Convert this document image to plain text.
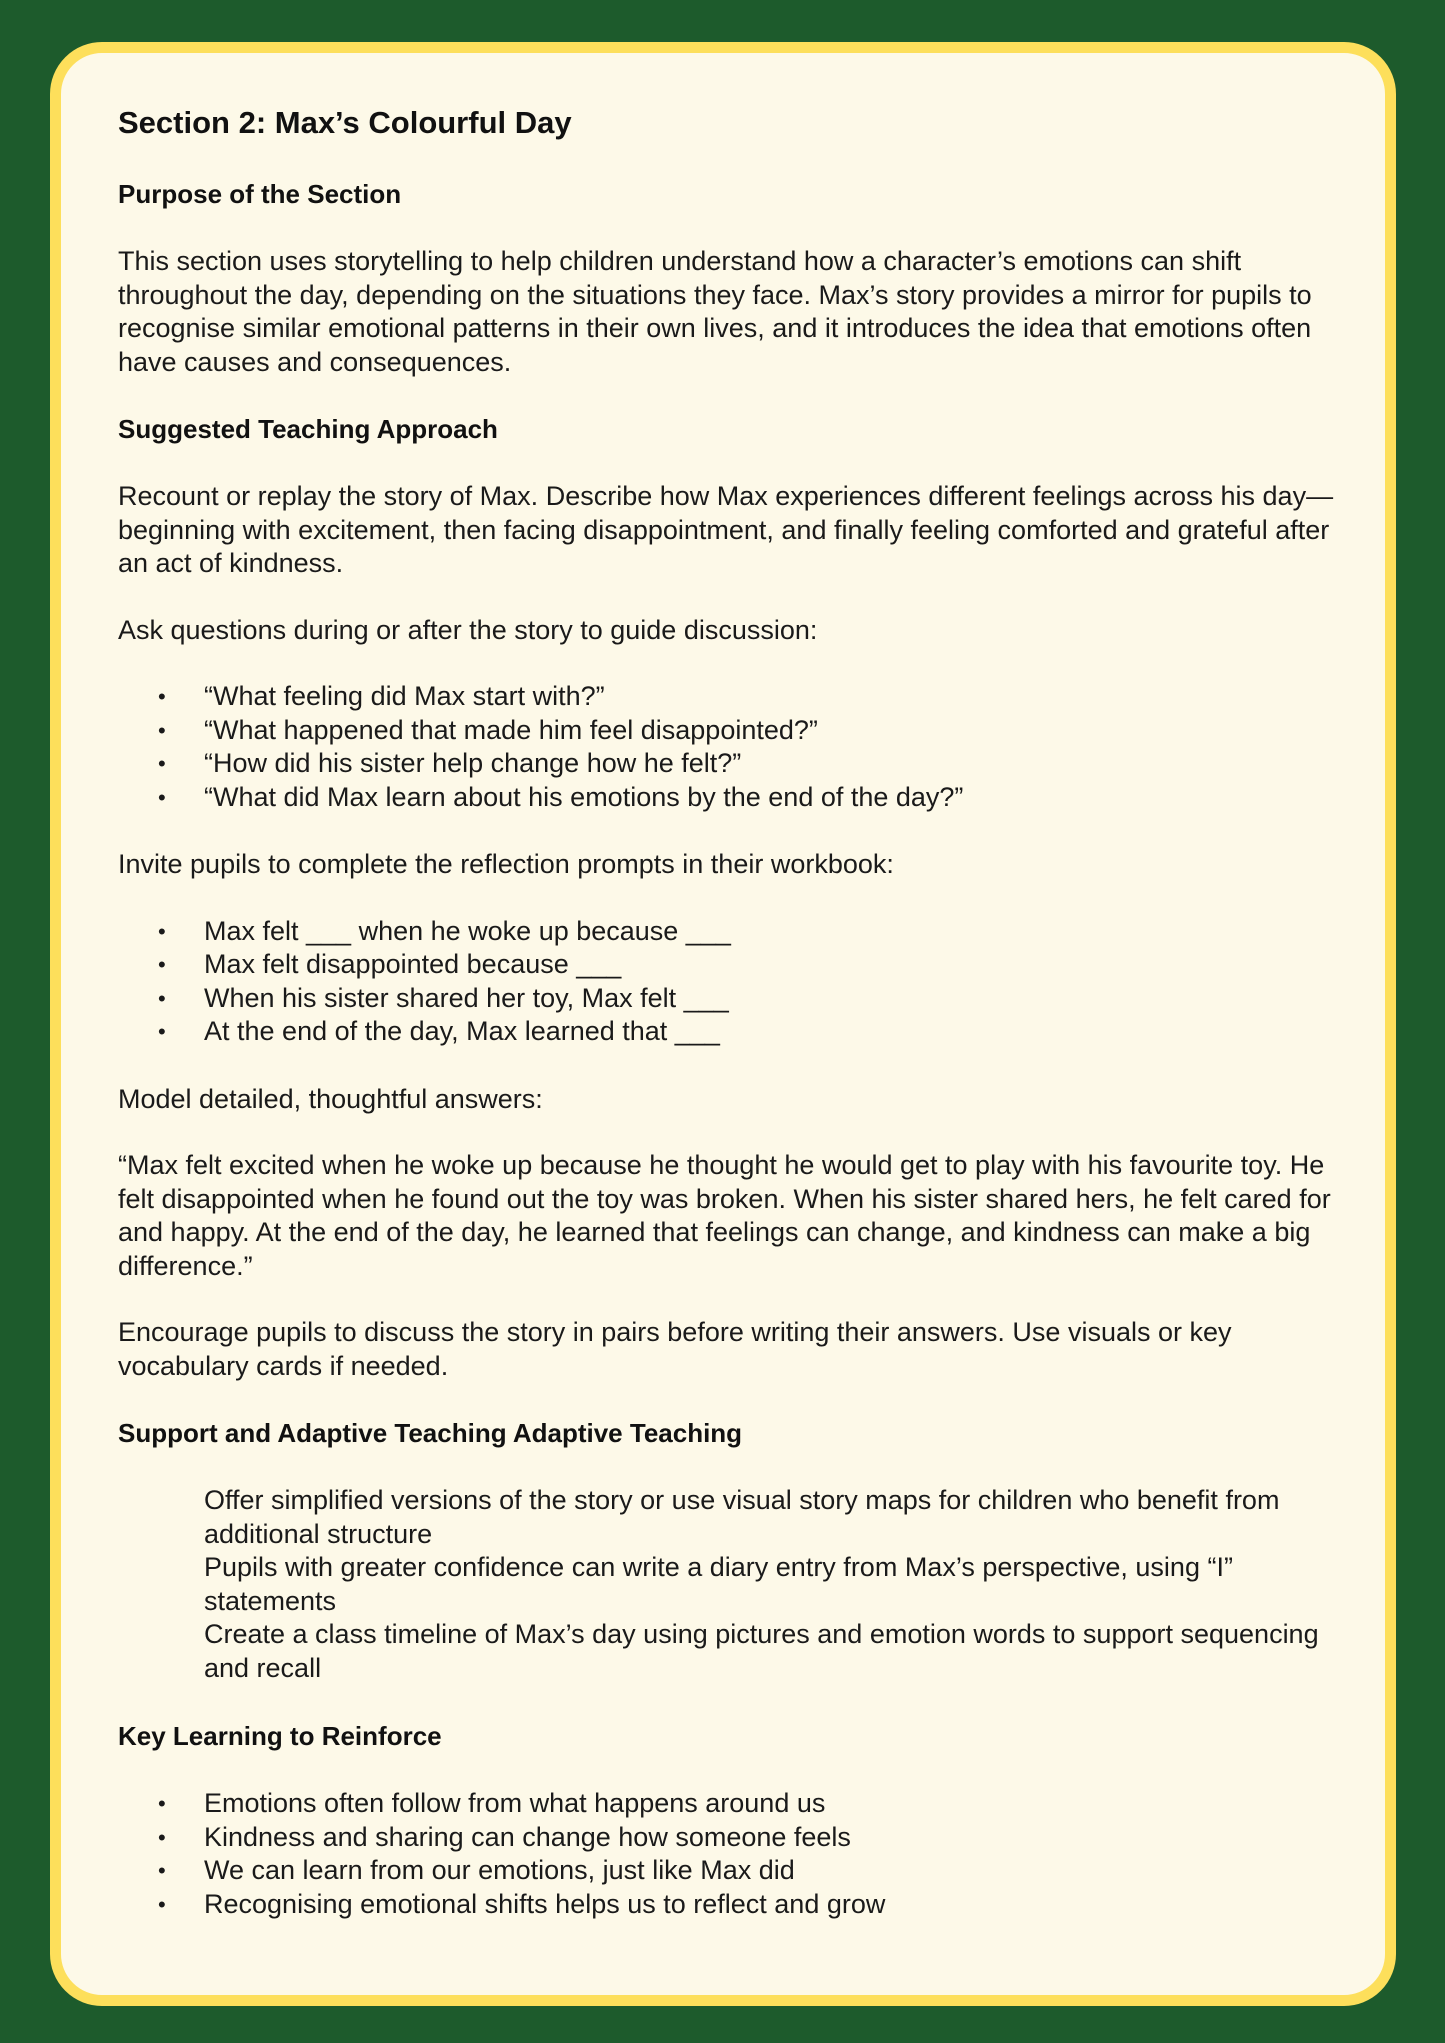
Section 2: Max’s Colourful Day
Purpose of the Section

This section uses storytelling to help children understand how a character’s emotions can shift throughout the day, depending on the situations they face. Max’s story provides a mirror for pupils to recognise similar emotional patterns in their own lives, and it introduces the idea that emotions often have causes and consequences.

Suggested Teaching Approach

Recount or replay the story of Max. Describe how Max experiences different feelings across his day—beginning with excitement, then facing disappointment, and finally feeling comforted and grateful after an act of kindness.

Ask questions during or after the story to guide discussion:

• “What feeling did Max start with?”
• “What happened that made him feel disappointed?”
• “How did his sister help change how he felt?”
• “What did Max learn about his emotions by the end of the day?”

Invite pupils to complete the reflection prompts in their workbook:

• Max felt ___ when he woke up because ___
• Max felt disappointed because ___
• When his sister shared her toy, Max felt ___
• At the end of the day, Max learned that ___

Model detailed, thoughtful answers:

“Max felt excited when he woke up because he thought he would get to play with his favourite toy. He felt disappointed when he found out the toy was broken. When his sister shared hers, he felt cared for and happy. At the end of the day, he learned that feelings can change, and kindness can make a big difference.”

Encourage pupils to discuss the story in pairs before writing their answers. Use visuals or key vocabulary cards if needed.

Support and Adaptive Teaching Adaptive Teaching
Offer simplified versions of the story or use visual story maps for children who benefit from additional structure
Pupils with greater confidence can write a diary entry from Max’s perspective, using “I” statements
Create a class timeline of Max’s day using pictures and emotion words to support sequencing and recall
Key Learning to Reinforce
• Emotions often follow from what happens around us
• Kindness and sharing can change how someone feels
• We can learn from our emotions, just like Max did
• Recognising emotional shifts helps us to reflect and grow
